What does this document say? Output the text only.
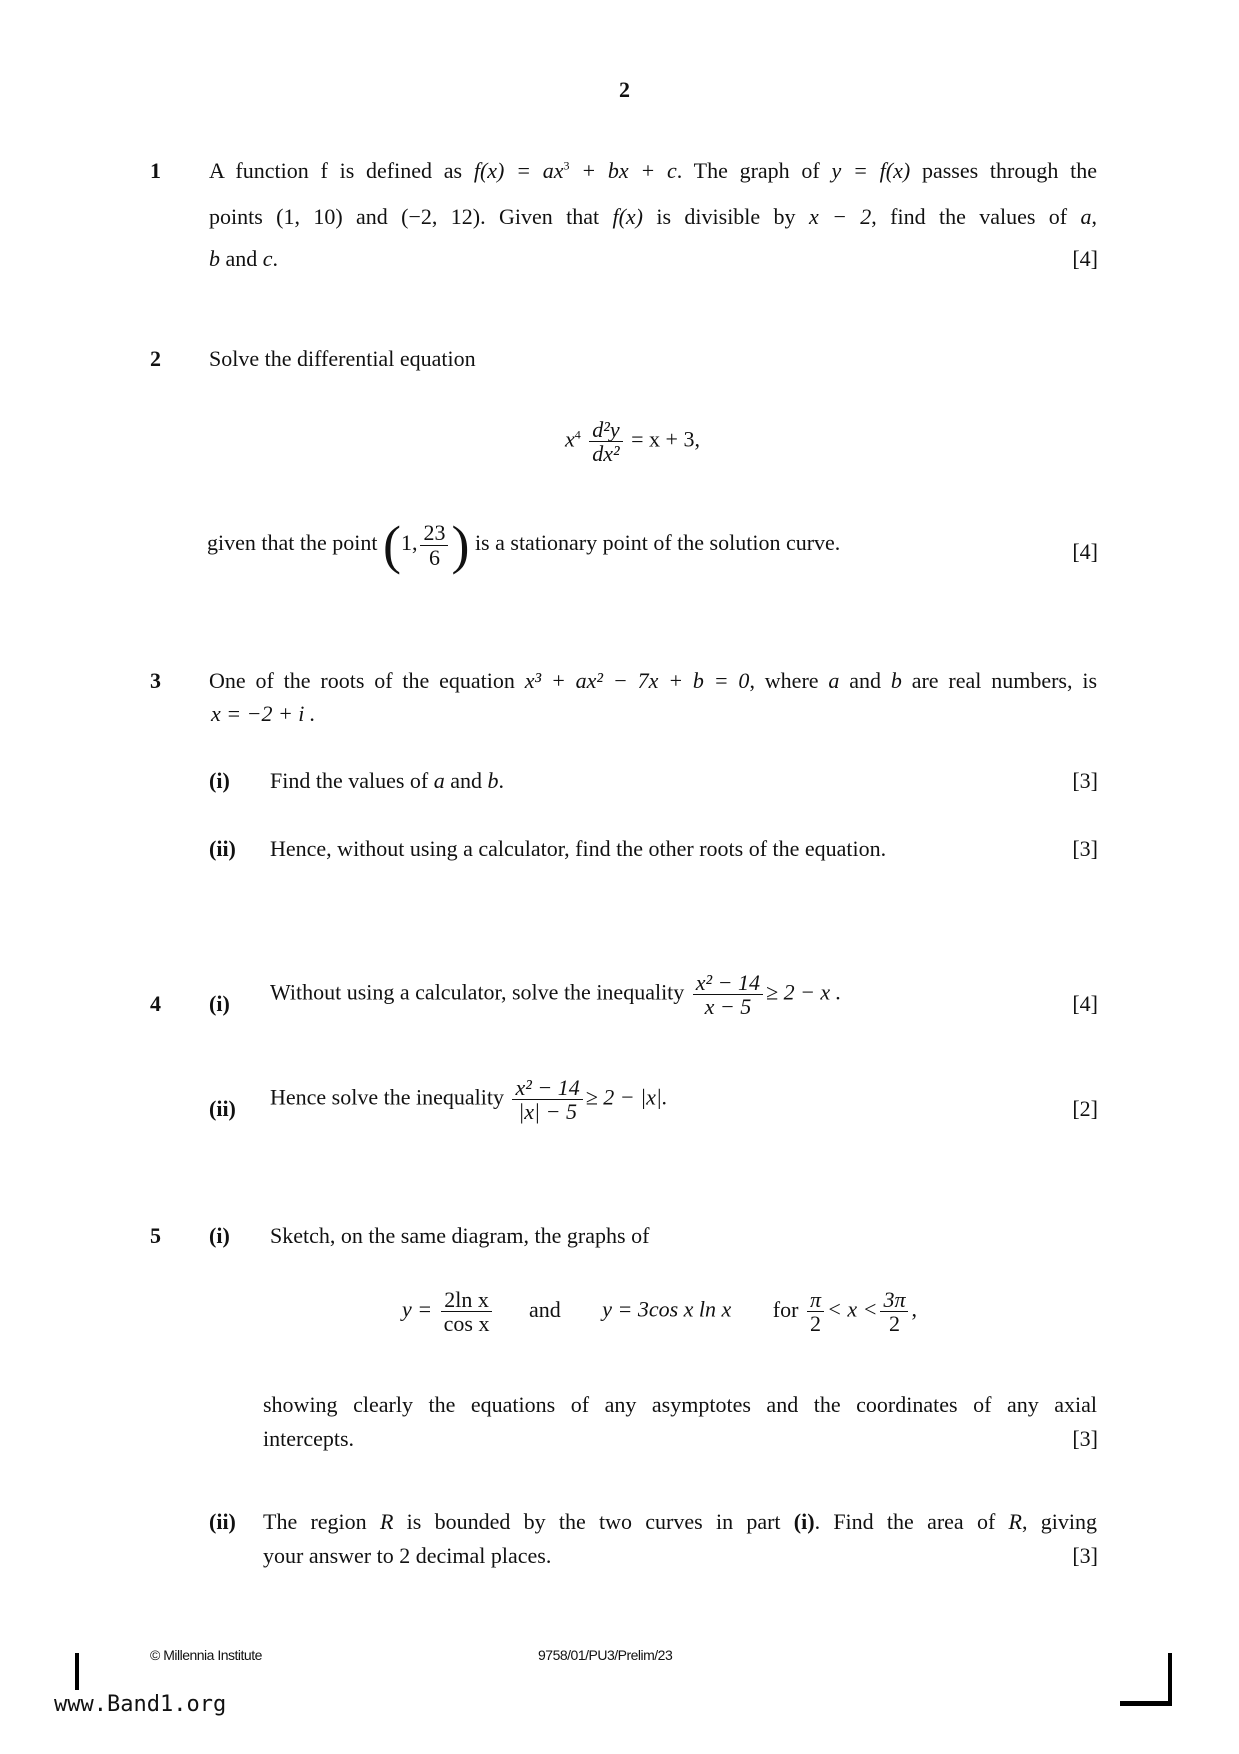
2
1 A function f is defined as $f(x) = ax^3$ + bx + c. The graph of y = f(x) passes through the
points (1, 10) and (−2, 12). Given that f(x) is divisible by x − 2, find the values of a,
b and c.	[4]
2 Solve the differential equation
$x^4 \frac{\text{d²y}}{\text{dx²}} = x + 3$,
given that the point (1, $\frac{23}{6}$ ) is a stationary point of the solution curve.	[4]
3 One of the roots of the equation x³ + ax² − 7x + b = 0, where a and b are real numbers, is
x = −2 + i .
(i) Find the values of a and b.	[3]
(ii) Hence, without using a calculator, find the other roots of the equation.	[3]
4 (i) Without using a calculator, solve the inequality $\frac{\text{x² − 14}}{x - 5} \ge 2 - x$ .	[4]
(ii) Hence solve the inequality $\frac{\text{x² − 14}}{|x| - 5} \ge 2 - |x|$.	[2]
5 (i) Sketch, on the same diagram, the graphs of
$y = \frac{\text{2ln x}}{\text{cos x}}$ and y = 3cos x ln x for $\frac{\pi}{2} < x < \frac{3\pi}{2}$ ,
showing clearly the equations of any asymptotes and the coordinates of any axial
intercepts.	[3]
(ii) The region R is bounded by the two curves in part (i). Find the area of R, giving
your answer to 2 decimal places.	[3]
© Millennia Institute	9758/01/PU3/Prelim/23
www.Band1.org
